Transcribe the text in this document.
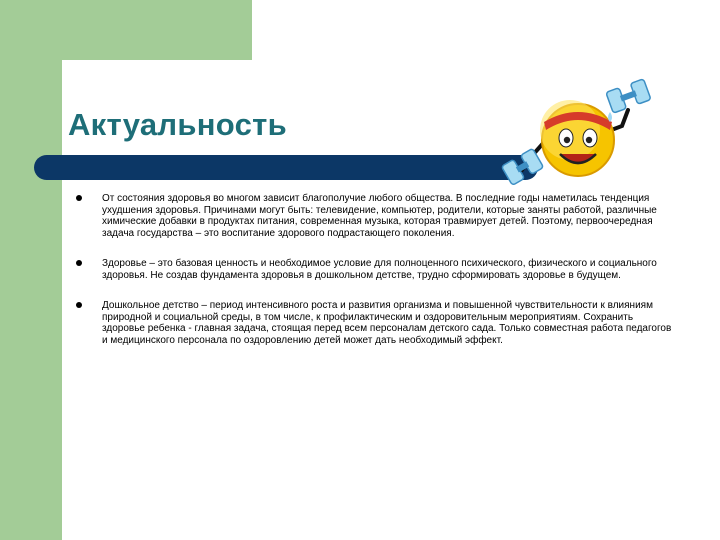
Актуальность
От состояния здоровья во многом зависит благополучие любого общества. В последние годы наметилась тенденция ухудшения здоровья. Причинами могут быть: телевидение, компьютер, родители, которые заняты работой, различные химические добавки в продуктах питания, современная музыка, которая травмирует детей. Поэтому, первоочередная задача государства – это воспитание здорового подрастающего поколения.
Здоровье – это базовая ценность и необходимое условие для полноценного психического, физического и социального здоровья. Не создав фундамента здоровья в дошкольном детстве, трудно сформировать здоровье в будущем.
Дошкольное детство – период интенсивного роста и развития организма и повышенной чувствительности к влияниям природной и социальной среды, в том числе, к профилактическим и оздоровительным мероприятиям. Сохранить здоровье ребенка - главная задача, стоящая перед всем персоналам детского сада. Только совместная работа педагогов и медицинского персонала по оздоровлению детей может дать необходимый эффект.
